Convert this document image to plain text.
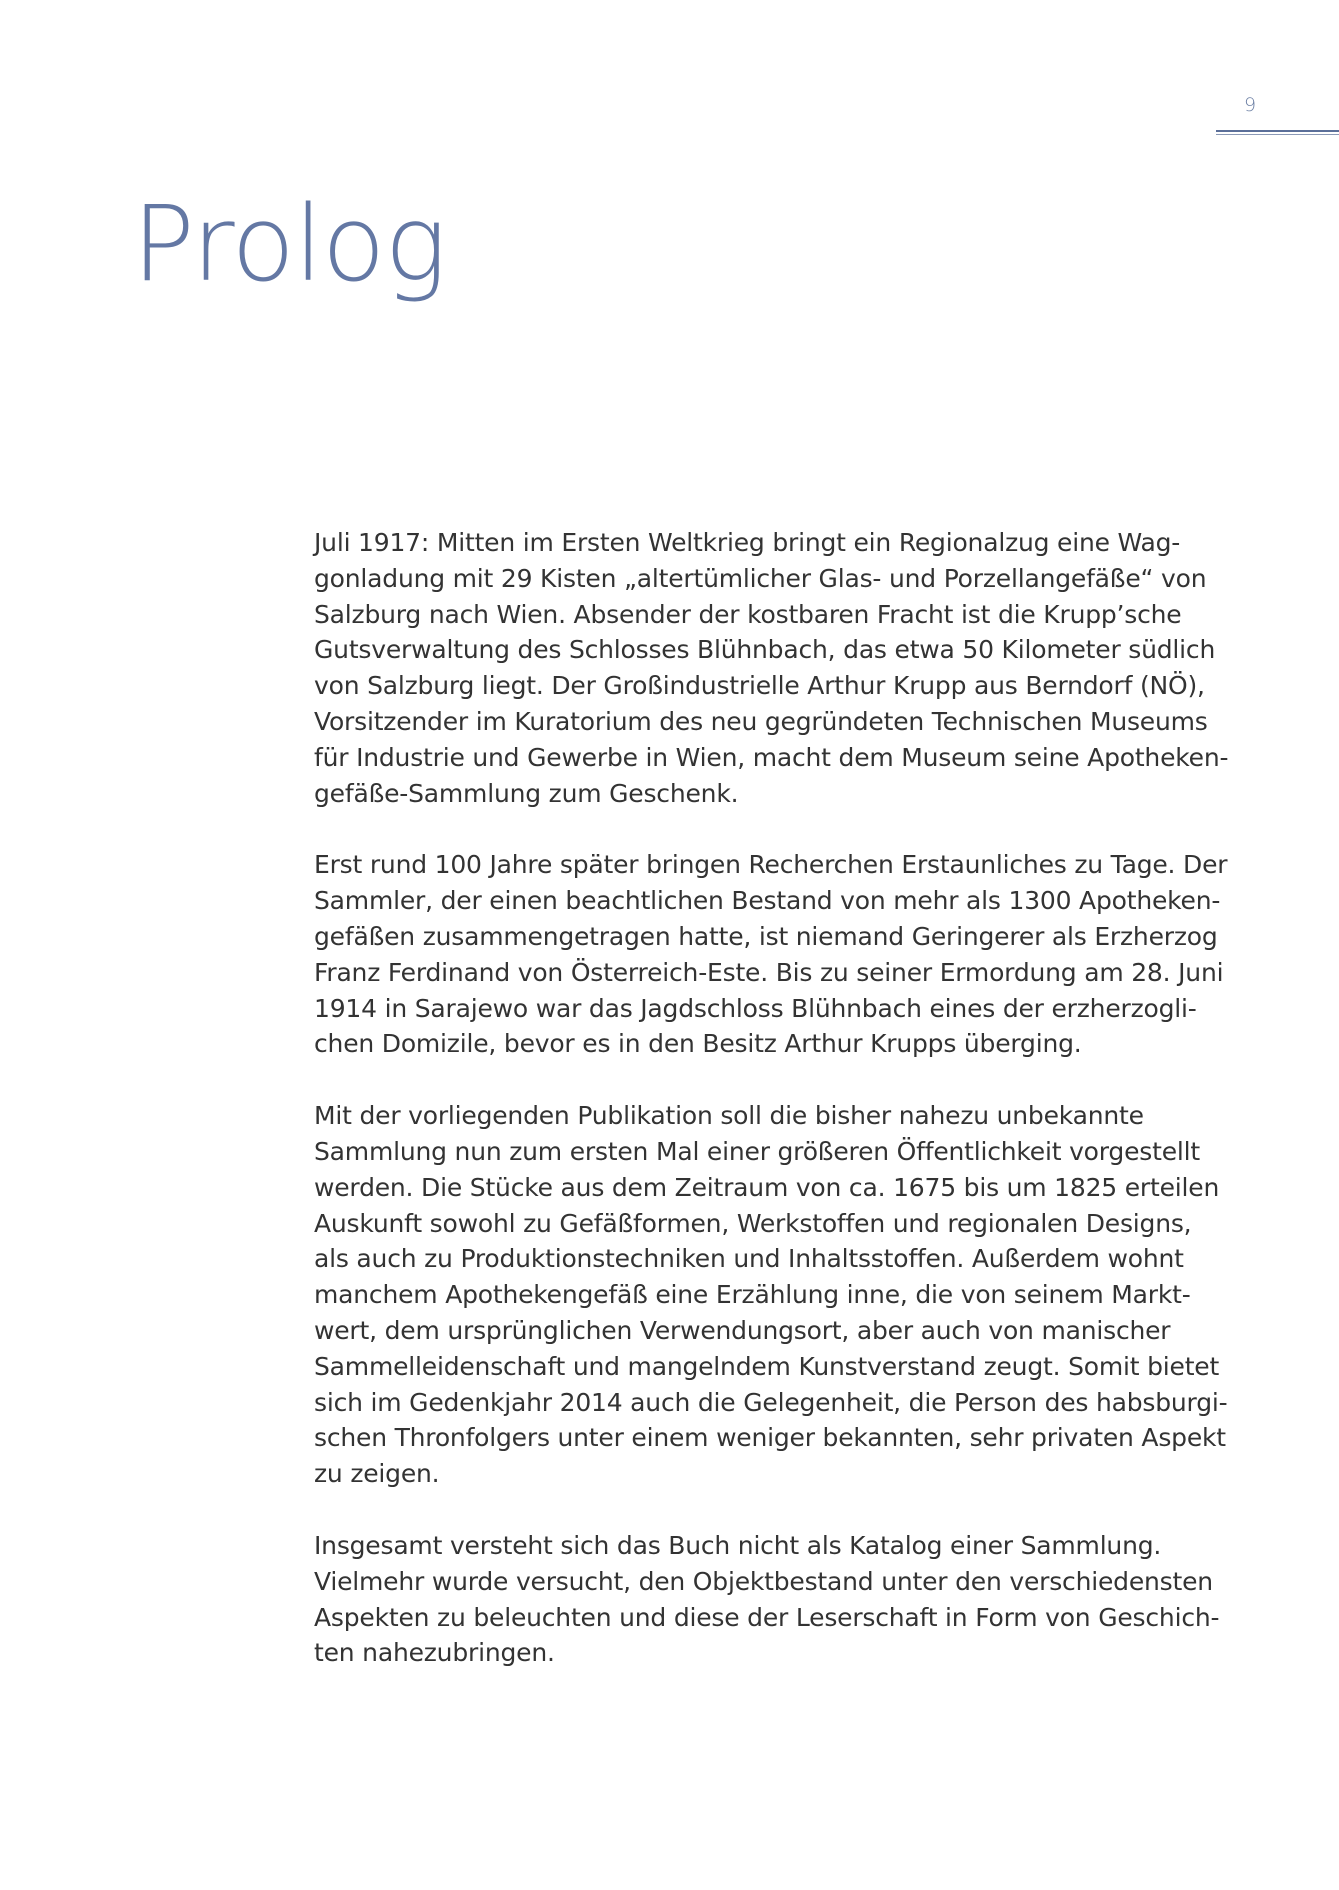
9
Prolog

Juli 1917: Mitten im Ersten Weltkrieg bringt ein Regionalzug eine Wag-
gonladung mit 29 Kisten „altertümlicher Glas- und Porzellangefäße“ von
Salzburg nach Wien. Absender der kostbaren Fracht ist die Krupp’sche
Gutsverwaltung des Schlosses Blühnbach, das etwa 50 Kilometer südlich
von Salzburg liegt. Der Großindustrielle Arthur Krupp aus Berndorf (NÖ),
Vorsitzender im Kuratorium des neu gegründeten Technischen Museums
für Industrie und Gewerbe in Wien, macht dem Museum seine Apotheken-
gefäße-Sammlung zum Geschenk.

Erst rund 100 Jahre später bringen Recherchen Erstaunliches zu Tage. Der
Sammler, der einen beachtlichen Bestand von mehr als 1300 Apotheken-
gefäßen zusammengetragen hatte, ist niemand Geringerer als Erzherzog
Franz Ferdinand von Österreich-Este. Bis zu seiner Ermordung am 28. Juni
1914 in Sarajewo war das Jagdschloss Blühnbach eines der erzherzogli-
chen Domizile, bevor es in den Besitz Arthur Krupps überging.

Mit der vorliegenden Publikation soll die bisher nahezu unbekannte
Sammlung nun zum ersten Mal einer größeren Öffentlichkeit vorgestellt
werden. Die Stücke aus dem Zeitraum von ca. 1675 bis um 1825 erteilen
Auskunft sowohl zu Gefäßformen, Werkstoffen und regionalen Designs,
als auch zu Produktionstechniken und Inhaltsstoffen. Außerdem wohnt
manchem Apothekengefäß eine Erzählung inne, die von seinem Markt-
wert, dem ursprünglichen Verwendungsort, aber auch von manischer
Sammelleidenschaft und mangelndem Kunstverstand zeugt. Somit bietet
sich im Gedenkjahr 2014 auch die Gelegenheit, die Person des habsburgi-
schen Thronfolgers unter einem weniger bekannten, sehr privaten Aspekt
zu zeigen.

Insgesamt versteht sich das Buch nicht als Katalog einer Sammlung.
Vielmehr wurde versucht, den Objektbestand unter den verschiedensten
Aspekten zu beleuchten und diese der Leserschaft in Form von Geschich-
ten nahezubringen.
